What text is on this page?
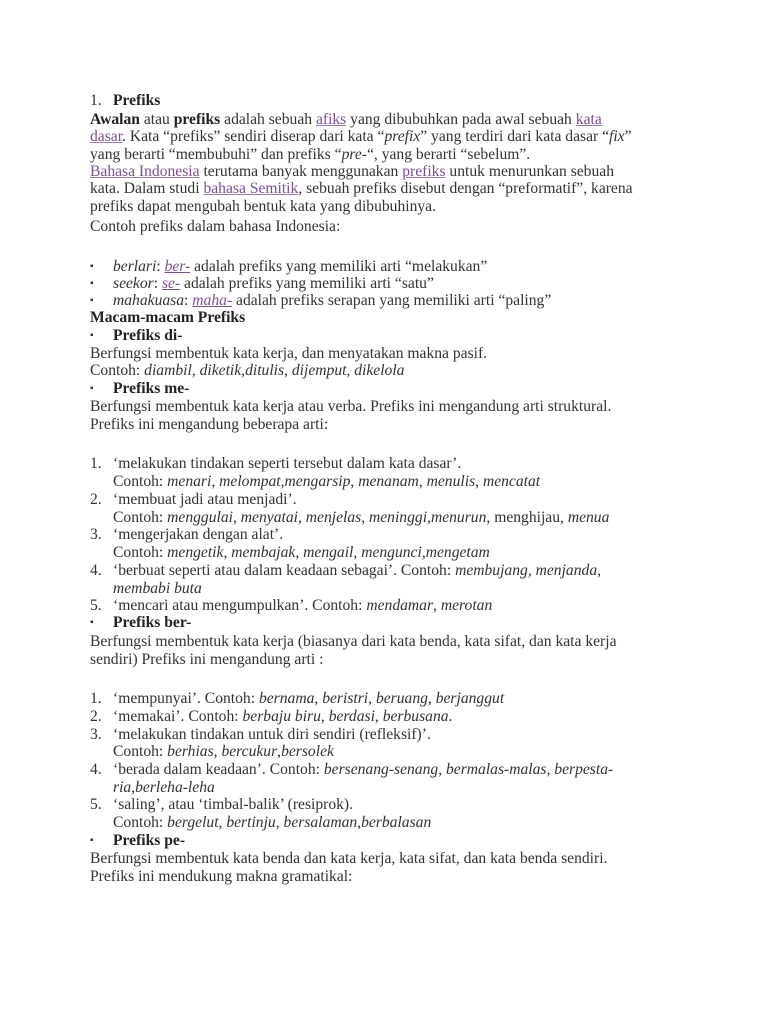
1. Prefiks
Awalan atau prefiks adalah sebuah afiks yang dibubuhkan pada awal sebuah kata
dasar. Kata “prefiks” sendiri diserap dari kata “prefix” yang terdiri dari kata dasar “fix”
yang berarti “membubuhi” dan prefiks “pre-“, yang berarti “sebelum”.
Bahasa Indonesia terutama banyak menggunakan prefiks untuk menurunkan sebuah
kata. Dalam studi bahasa Semitik, sebuah prefiks disebut dengan “preformatif”, karena
prefiks dapat mengubah bentuk kata yang dibubuhinya.
Contoh prefiks dalam bahasa Indonesia:
▪ berlari: ber- adalah prefiks yang memiliki arti “melakukan”
▪ seekor: se- adalah prefiks yang memiliki arti “satu”
▪ mahakuasa: maha- adalah prefiks serapan yang memiliki arti “paling”
Macam-macam Prefiks
▪ Prefiks di-
Berfungsi membentuk kata kerja, dan menyatakan makna pasif.
Contoh: diambil, diketik,ditulis, dijemput, dikelola
▪ Prefiks me-
Berfungsi membentuk kata kerja atau verba. Prefiks ini mengandung arti struktural.
Prefiks ini mengandung beberapa arti:
1. ‘melakukan tindakan seperti tersebut dalam kata dasar’.
Contoh: menari, melompat,mengarsip, menanam, menulis, mencatat
2. ‘membuat jadi atau menjadi’.
Contoh: menggulai, menyatai, menjelas, meninggi,menurun, menghijau, menua
3. ‘mengerjakan dengan alat’.
Contoh: mengetik, membajak, mengail, mengunci,mengetam
4. ‘berbuat seperti atau dalam keadaan sebagai’. Contoh: membujang, menjanda,
membabi buta
5. ‘mencari atau mengumpulkan’. Contoh: mendamar, merotan
▪ Prefiks ber-
Berfungsi membentuk kata kerja (biasanya dari kata benda, kata sifat, dan kata kerja
sendiri) Prefiks ini mengandung arti :
1. ‘mempunyai’. Contoh: bernama, beristri, beruang, berjanggut
2. ‘memakai’. Contoh: berbaju biru, berdasi, berbusana.
3. ‘melakukan tindakan untuk diri sendiri (refleksif)’.
Contoh: berhias, bercukur,bersolek
4. ‘berada dalam keadaan’. Contoh: bersenang-senang, bermalas-malas, berpesta-
ria,berleha-leha
5. ‘saling’, atau ‘timbal-balik’ (resiprok).
Contoh: bergelut, bertinju, bersalaman,berbalasan
▪ Prefiks pe-
Berfungsi membentuk kata benda dan kata kerja, kata sifat, dan kata benda sendiri.
Prefiks ini mendukung makna gramatikal:
